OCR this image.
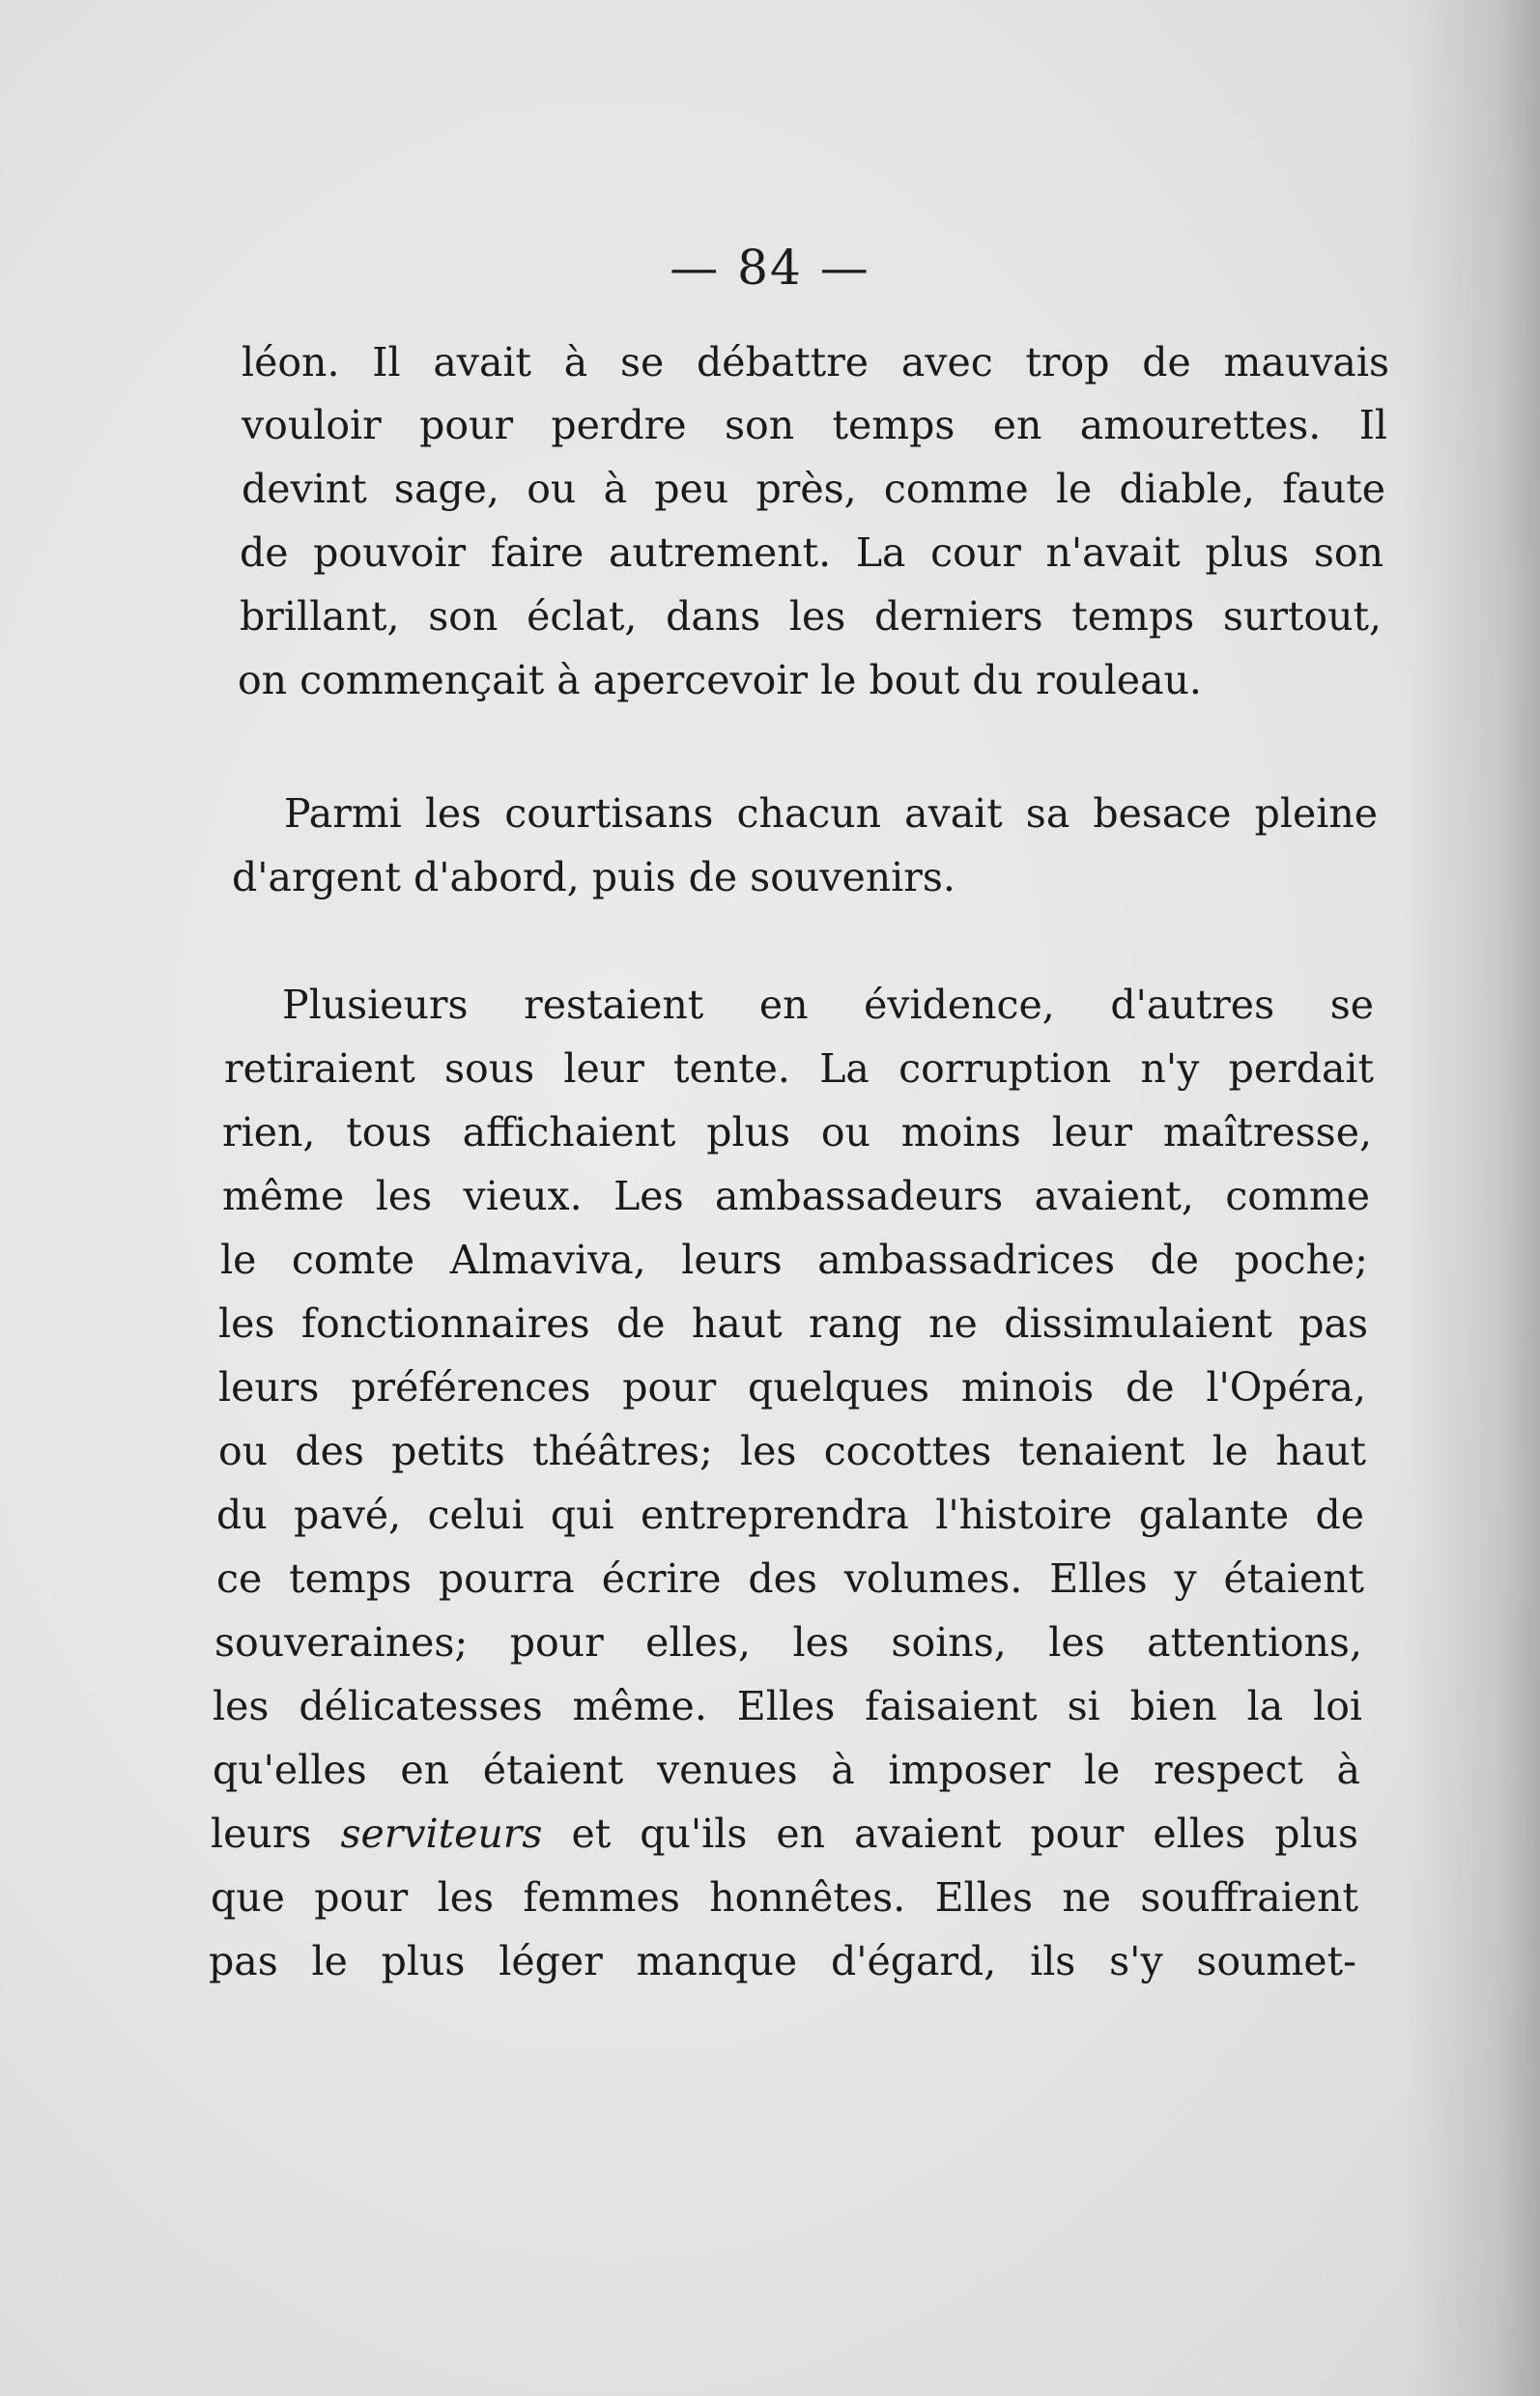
— 84 —
léon. Il avait à se débattre avec trop de mauvais
vouloir pour perdre son temps en amourettes. Il
devint sage, ou à peu près, comme le diable, faute
de pouvoir faire autrement. La cour n'avait plus son
brillant, son éclat, dans les derniers temps surtout,
on commençait à apercevoir le bout du rouleau.
Parmi les courtisans chacun avait sa besace pleine
d'argent d'abord, puis de souvenirs.
Plusieurs restaient en évidence, d'autres se
retiraient sous leur tente. La corruption n'y perdait
rien, tous affichaient plus ou moins leur maîtresse,
même les vieux. Les ambassadeurs avaient, comme
le comte Almaviva, leurs ambassadrices de poche;
les fonctionnaires de haut rang ne dissimulaient pas
leurs préférences pour quelques minois de l'Opéra,
ou des petits théâtres; les cocottes tenaient le haut
du pavé, celui qui entreprendra l'histoire galante de
ce temps pourra écrire des volumes. Elles y étaient
souveraines; pour elles, les soins, les attentions,
les délicatesses même. Elles faisaient si bien la loi
qu'elles en étaient venues à imposer le respect à
leurs serviteurs et qu'ils en avaient pour elles plus
que pour les femmes honnêtes. Elles ne souffraient
pas le plus léger manque d'égard, ils s'y soumet-
